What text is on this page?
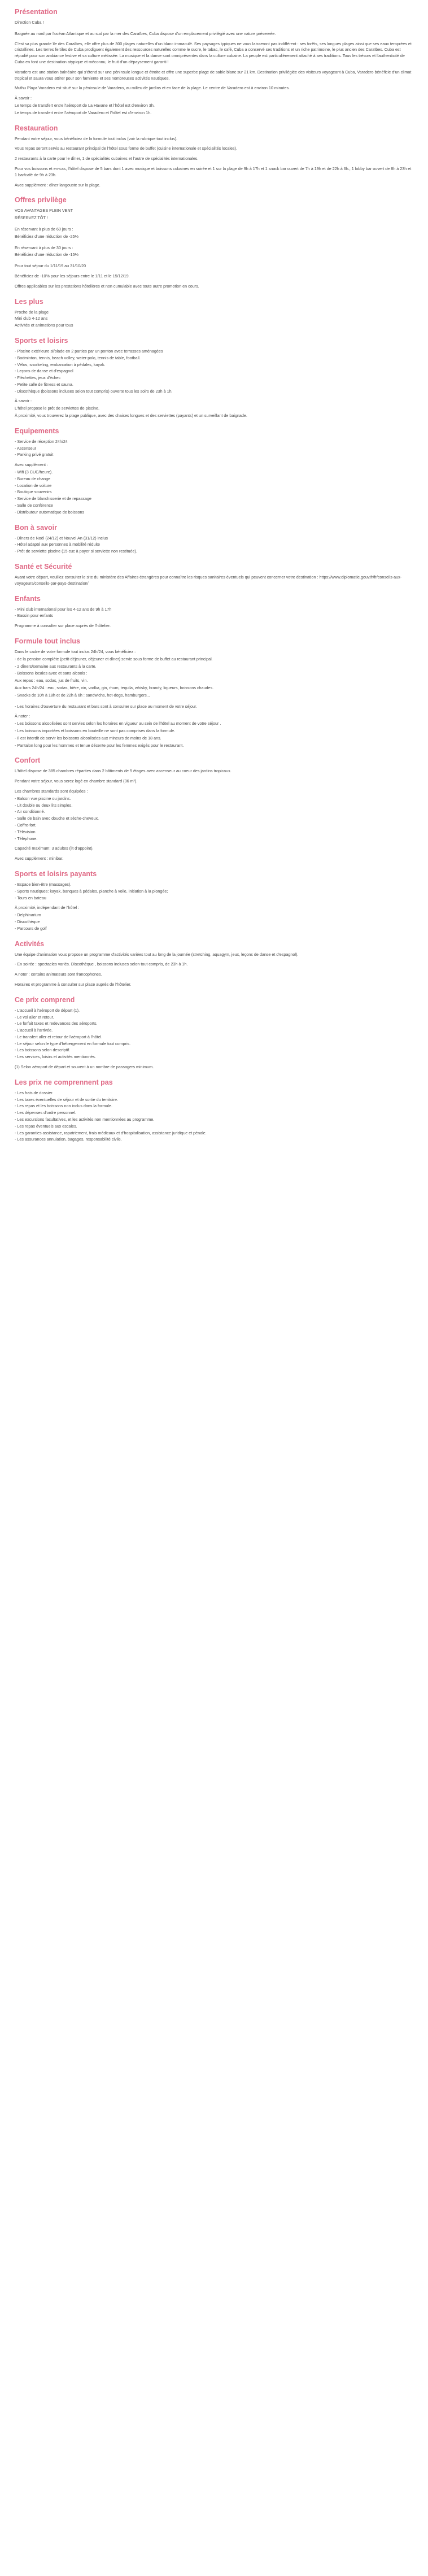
Présentation

Direction Cuba !

Baignée au nord par l'océan Atlantique et au sud par la mer des Caraïbes, Cuba dispose d'un emplacement privilégié avec une nature préservée.

C'est sa plus grande île des Caraïbes, elle offre plus de 300 plages naturelles d'un blanc immaculé. Ses paysages typiques ne vous laisseront pas indifférent : ses forêts, ses longues plages ainsi que ses eaux temprées et cristallines. Les terres fertiles de Cuba prodiguent également des ressources naturelles comme le sucre, le tabac, le café, Cuba a conservé ses traditions et un riche patrimoine, le plus ancien des Caraïbes. Cuba est répudié pour son ambiance festive et sa culture métissée. La musique et la danse sont omniprésentes dans la culture cubaine. La peuple est particulièrement attaché à ses traditions. Tous les trésors et l'authenticité de Cuba en font une destination atypique et méconnu, le fruit d'un dépaysement garanti !

Varadero est une station balnéaire qui s'étend sur une péninsule longue et étroite et offre une superbe plage de sable blanc sur 21 km. Destination privilégiée des visiteurs voyageant à Cuba, Varadero bénéficie d'un climat tropical et saura vous attirer pour son farniente et ses nombreuses activités nautiques.

Muthu Playa Varadero est situé sur la péninsule de Varadero, au milieu de jardins et en face de la plage. Le centre de Varadero est à environ 10 minutes.

À savoir :

Le temps de transfert entre l'aéroport de La Havane et l'hôtel est d'environ 3h.

Le temps de transfert entre l'aéroport de Varadero et l'hôtel est d'environ 1h.

Restauration

Pendant votre séjour, vous bénéficiez de la formule tout inclus (voir la rubrique tout inclus).

Vous repas seront servis au restaurant principal de l'hôtel sous forme de buffet (cuisine internationale et spécialités locales).

2 restaurants à la carte pour le dîner, 1 de spécialités cubaines et l'autre de spécialités internationales.

Pour vos boissons et en-cas, l'hôtel dispose de 5 bars dont 1 avec musique et boissons cubaines en soirée et 1 sur la plage de 9h à 17h et 1 snack bar ouvert de 7h à 19h et de 22h à 6h., 1 lobby bar ouvert de 8h à 23h et 1 bar/café de 9h à 23h.

Avec supplément : dîner langouste sur la plage.

Offres privilège

VOS AVANTAGES PLEIN VENT

RÉSERVEZ TÔT !

En réservant à plus de 60 jours :

Bénéficiez d'une réduction de -25%

En réservant à plus de 30 jours :

Bénéficiez d'une réduction de -15%

Pour tout séjour du 1/11/19 au 31/10/20

Bénéficiez de -10% pour les séjours entre le 1/11 et le 15/12/19.

Offres applicables sur les prestations hôtelières et non cumulable avec toute autre promotion en cours.

Les plus
Proche de la plage
Mini club 4-12 ans
Activités et animations pour tous
Sports et loisirs
- Piscine extérieure si/olade en 2 parties par un ponton avec terrasses aménagées
- Badminton, tennis, beach volley, water-polo, tennis de table, football.
- Vélos, snorkeling, embarcation à pédales, kayak.
- Leçons de danse et d'espagnol
- Fléchettes, jeux d'échec
- Petite salle de fitness et sauna.
- Discothèque (boissons incluses selon tout compris) ouverte tous les soirs de 23h à 1h.

À savoir :

L'hôtel propose le prêt de serviettes de piscine.

À proximité, vous trouverez la plage publique, avec des chaises longues et des serviettes (payants) et un surveillant de baignade.

Equipements
- Service de réception 24h/24
- Ascenseur
- Parking privé gratuit

Avec supplément :

- Wifi (3 CUC/heure).
- Bureau de change
- Location de voiture
- Boutique souvenirs
- Service de blanchisserie et de repassage
- Salle de conférence
- Distributeur automatique de boissons
Bon à savoir
- Dîners de Noël (24/12) et Nouvel An (31/12) inclus
- Hôtel adapté aux personnes à mobilité réduite
- Prêt de serviette piscine (15 cuc à payer si serviette non restituée).
Santé et Sécurité

Avant votre départ, veuillez consulter le site du ministère des Affaires étrangères pour connaître les risques sanitaires éventuels qui peuvent concerner votre destination : https://www.diplomatie.gouv.fr/fr/conseils-aux-voyageurs/conseils-par-pays-destination/

Enfants
- Mini club international pour les 4-12 ans de 9h à 17h
- Bassin pour enfants

Programme à consulter sur place auprès de l'hôtelier.

Formule tout inclus

Dans le cadre de votre formule tout inclus 24h/24, vous bénéficiez :

- de la pension complète (petit-déjeuner, déjeuner et dîner) servie sous forme de buffet au restaurant principal.

- 2 dîners/semaine aux restaurants à la carte.

- Boissons locales avec et sans alcools :

Aux repas : eau, sodas, jus de fruits, vin.

Aux bars 24h/24 : eau, sodas, bière, vin, vodka, gin, rhum, tequila, whisky, brandy, liqueurs, boissons chaudes.

- Snacks de 10h à 18h et de 22h à 6h : sandwichs, hot-dogs, hamburgers...

- Les horaires d'ouverture du restaurant et bars sont à consulter sur place au moment de votre séjour.

À noter :

- Les boissons alcoolisées sont servies selon les horaires en vigueur au sein de l'hôtel au moment de votre séjour .

- Les boissons importées et boissons en bouteille ne sont pas comprises dans la formule.

- Il est interdit de servir les boissons alcoolisées aux mineurs de moins de 18 ans.

- Pantalon long pour les hommes et tenue décente pour les femmes exigés pour le restaurant.

Confort

L'hôtel dispose de 385 chambres réparties dans 2 bâtiments de 5 étages avec ascenseur au coeur des jardins tropicaux.

Pendant votre séjour, vous serez logé en chambre standard (36 m²).

Les chambres standards sont équipées :

- Balcon vue piscine ou jardins.
- Lit double ou deux lits simples.
- Air conditionné.
- Salle de bain avec douche et sèche-cheveux.
- Coffre-fort.
- Télévision
- Téléphone.

Capacité maximum: 3 adultes (lit d'appoint).

Avec supplément : minibar.

Sports et loisirs payants
- Espace bien-être (massages).
- Sports nautiques: kayak, banques à pédales, planche à voile, initiation à la plongée;
- Tours en bateau

À proximité, indépendant de l'hôtel :

- Delphinarium
- Discothèque
- Parcours de golf
Activités

Une équipe d'animation vous propose un programme d'activités variées tout au long de la journée (stretching, aquagym, jeux, leçons de danse et d'espagnol).

- En soirée : spectacles variés. Discothèque , boissons incluses selon tout compris, de 23h à 1h.

A noter : certains animateurs sont francophones.

Horaires et programme à consulter sur place auprès de l'hôtelier.

Ce prix comprend
- L'accueil à l'aéroport de départ (1).
- Le vol aller et retour.
- Le forfait taxes et redevances des aéroports.
- L'accueil à l'arrivée.
- Le transfert aller et retour de l'aéroport à l'hôtel.
- Le séjour selon le type d'hébergement en formule tout compris.
- Les boissons selon descriptif.
- Les services, loisirs et activités mentionnés.

(1) Selon aéroport de départ et souvent à un nombre de passagers minimum.

Les prix ne comprennent pas
- Les frais de dossier.
- Les taxes éventuelles de séjour et de sortie du territoire.
- Les repas et les boissons non inclus dans la formule.
- Les dépenses d'ordre personnel.
- Les excursions facultatives, et les activités non mentionnées au programme.
- Les repas éventuels aux escales.
- Les garanties assistance, rapatriement, frais médicaux et d'hospitalisation, assistance juridique et pénale.
- Les assurances annulation, bagages, responsabilité civile.
